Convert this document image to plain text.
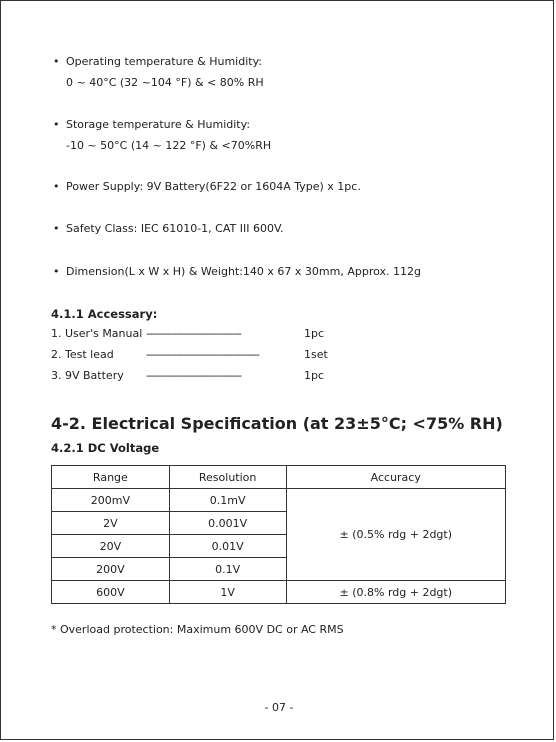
• Operating temperature & Humidity:
0 ~ 40°C (32 ~104 °F) & < 80% RH
• Storage temperature & Humidity:
-10 ~ 50°C (14 ~ 122 °F) & <70%RH
• Power Supply: 9V Battery(6F22 or 1604A Type) x 1pc.
• Safety Class: IEC 61010-1, CAT III 600V.
• Dimension(L x W x H) & Weight:140 x 67 x 30mm, Approx. 112g
4.1.1 Accessary:
1. User's Manual --------------------------------	1pc
2. Test lead	--------------------------------------	1set
3. 9V Battery	--------------------------------	1pc
4-2. Electrical Specification (at 23±5°C; <75% RH)
4.2.1 DC Voltage
Range	Resolution	Accuracy
200mV	0.1mV	± (0.5% rdg + 2dgt)
2V	0.001V	
20V	0.01V	
200V	0.1V	
600V	1V	± (0.8% rdg + 2dgt)
* Overload protection: Maximum 600V DC or AC RMS
- 07 -
